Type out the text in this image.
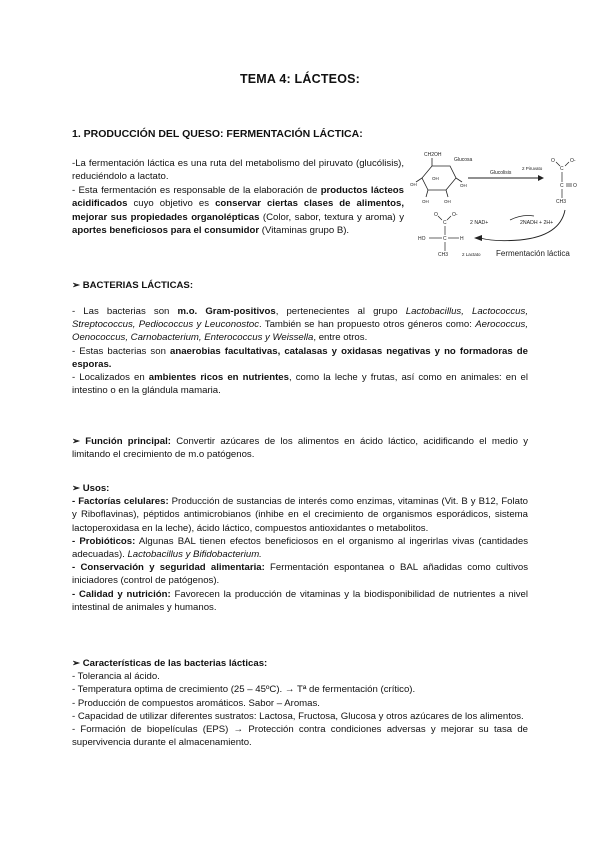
TEMA 4: LÁCTEOS:
1. PRODUCCIÓN DEL QUESO: FERMENTACIÓN LÁCTICA:

-La fermentación láctica es una ruta del metabolismo del piruvato (glucólisis), reduciéndolo a lactato.

- Esta fermentación es responsable de la elaboración de productos lácteos acidificados cuyo objetivo es conservar ciertas clases de alimentos, mejorar sus propiedades organolépticas (Color, sabor, textura y aroma) y aportes beneficiosos para el consumidor (Vitaminas grupo B).

CH2OH
Glucosa
OH
OH
OH
OH	OH
Glucolisis
2 Piruvato
O	O-
C
C O
CH3
2 NAD+	2NADH + 2H+
O	O-
C
HO	C	H
CH3	2 Lactato Fermentación láctica

➢ BACTERIAS LÁCTICAS:

- Las bacterias son m.o. Gram-positivos, pertenecientes al grupo Lactobacillus, Lactococcus, Streptococcus, Pediococcus y Leuconostoc. También se han propuesto otros géneros como: Aerococcus, Oenococcus, Carnobacterium, Enterococcus y Weissella, entre otros.

- Estas bacterias son anaerobias facultativas, catalasas y oxidasas negativas y no formadoras de esporas.

- Localizados en ambientes ricos en nutrientes, como la leche y frutas, así como en animales: en el intestino o en la glándula mamaria.

➢ Función principal: Convertir azúcares de los alimentos en ácido láctico, acidificando el medio y limitando el crecimiento de m.o patógenos.

➢ Usos:

- Factorías celulares: Producción de sustancias de interés como enzimas, vitaminas (Vit. B y B12, Folato y Riboflavinas), péptidos antimicrobianos (inhibe en el crecimiento de organismos esporádicos, sistema lactoperoxidasa en la leche), ácido láctico, compuestos antioxidantes o metabolitos.

- Probióticos: Algunas BAL tienen efectos beneficiosos en el organismo al ingerirlas vivas (cantidades adecuadas). Lactobacillus y Bifidobacterium.

- Conservación y seguridad alimentaria: Fermentación espontanea o BAL añadidas como cultivos iniciadores (control de patógenos).

- Calidad y nutrición: Favorecen la producción de vitaminas y la biodisponibilidad de nutrientes a nivel intestinal de animales y humanos.

➢ Características de las bacterias lácticas:

- Tolerancia al ácido.

- Temperatura optima de crecimiento (25 – 45ºC). → Tª de fermentación (crítico).

- Producción de compuestos aromáticos. Sabor – Aromas.

- Capacidad de utilizar diferentes sustratos: Lactosa, Fructosa, Glucosa y otros azúcares de los alimentos.

- Formación de biopelículas (EPS) → Protección contra condiciones adversas y mejorar su tasa de supervivencia durante el almacenamiento.
